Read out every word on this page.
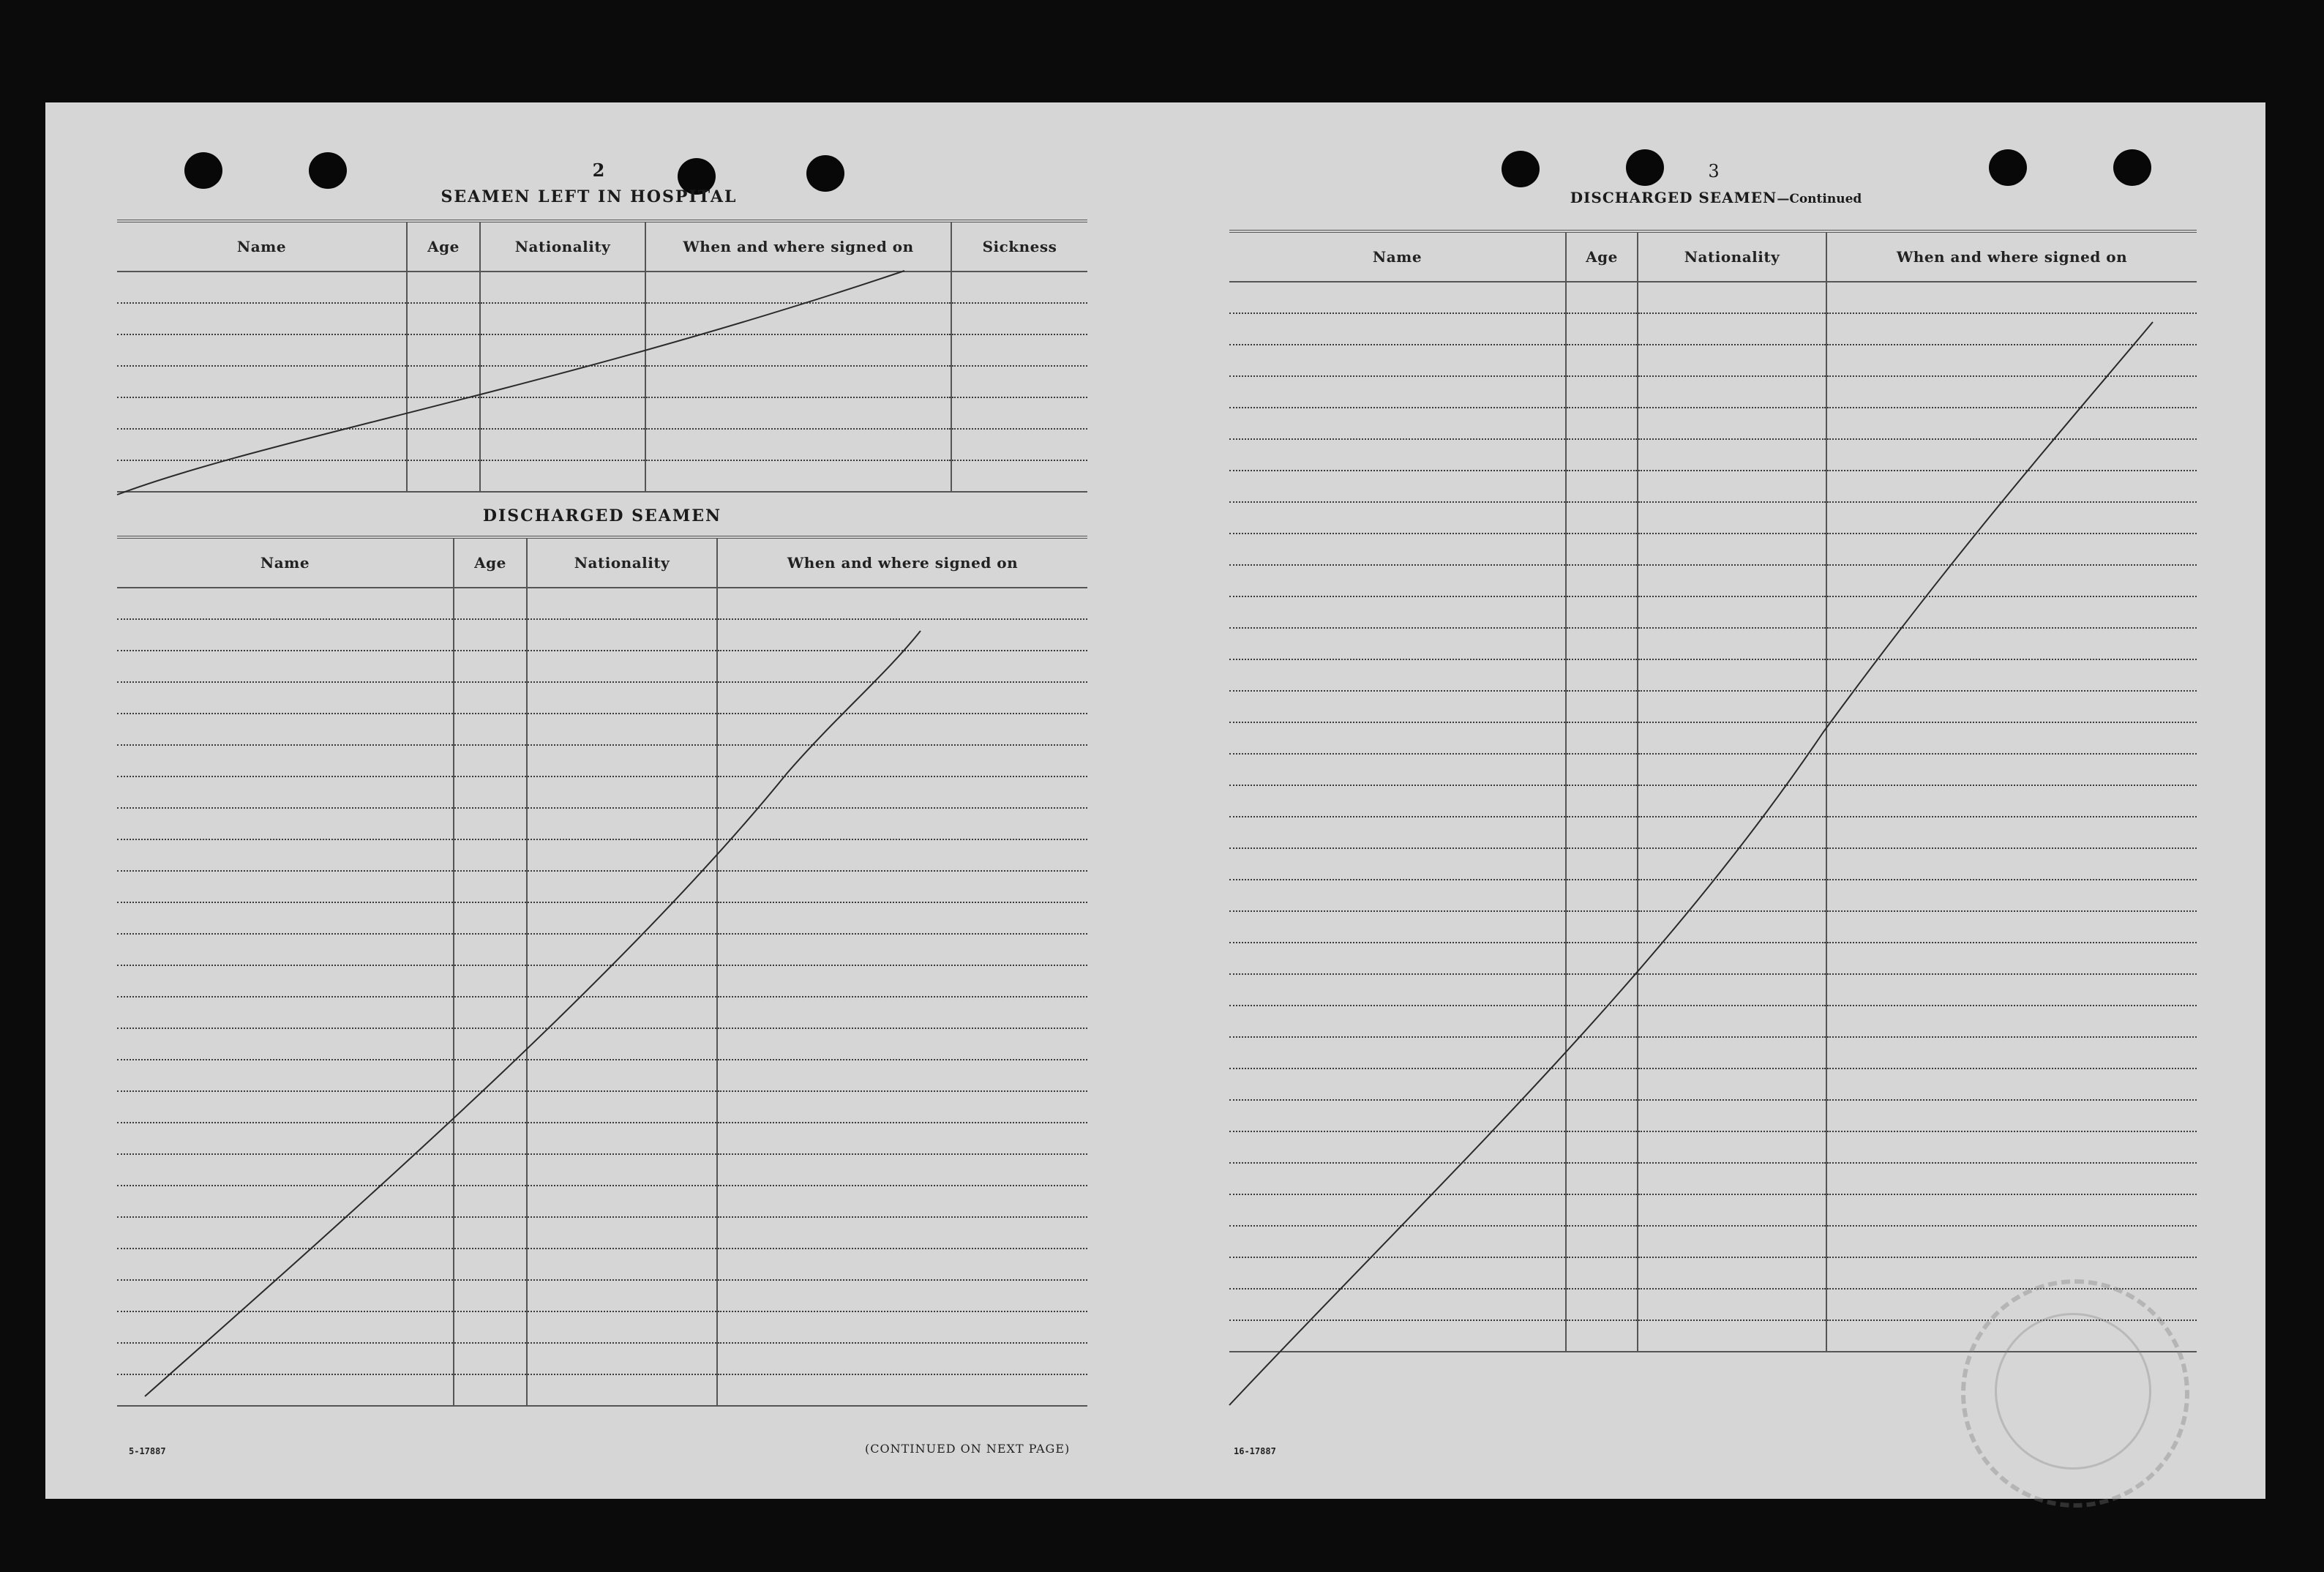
2
SEAMEN LEFT IN HOSPITAL
Name	Age	Nationality	When and where signed on	Sickness

DISCHARGED SEAMEN
Name	Age	Nationality	When and where signed on

5-17887	(CONTINUED ON NEXT PAGE)
3
DISCHARGED SEAMEN—Continued
Name	Age	Nationality	When and where signed on

16-17887
